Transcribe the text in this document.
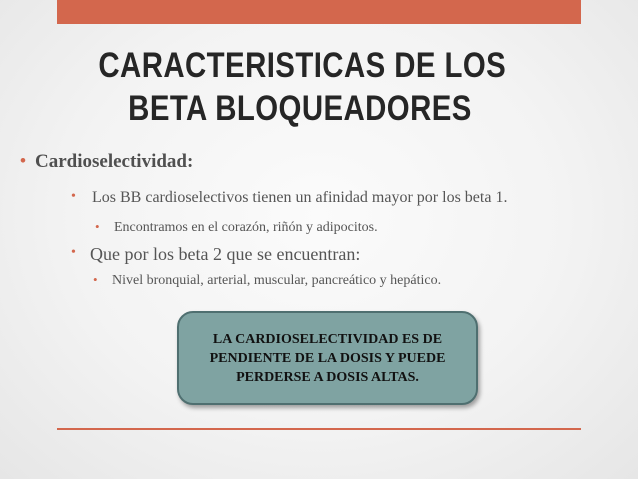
CARACTERISTICAS DE LOS
BETA BLOQUEADORES
• Cardioselectividad:
• Los BB cardioselectivos tienen un afinidad mayor por los beta 1.
• Encontramos en el corazón, riñón y adipocitos.
• Que por los beta 2 que se encuentran:
• Nivel bronquial, arterial, muscular, pancreático y hepático.
LA CARDIOSELECTIVIDAD ES DE
PENDIENTE DE LA DOSIS Y PUEDE
PERDERSE A DOSIS ALTAS.
